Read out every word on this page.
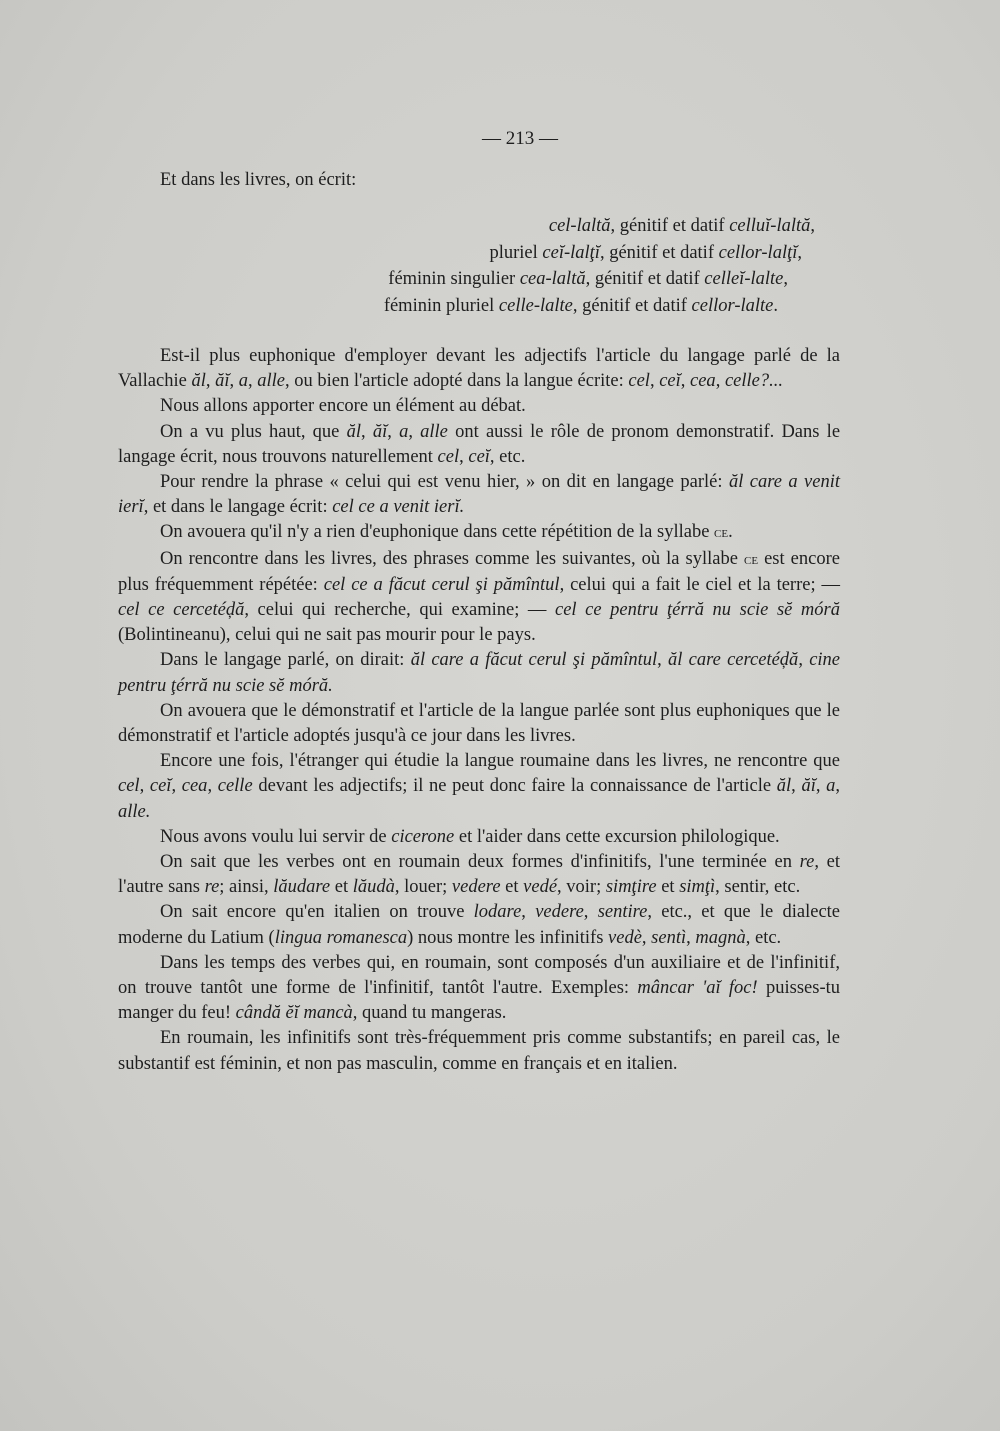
— 213 —
Et dans les livres, on écrit:
cel-laltă, génitif et datif celluĭ-laltă,
pluriel ceĭ-lalţĭ, génitif et datif cellor-lalţĭ,
féminin singulier cea-laltă, génitif et datif celleĭ-lalte,
féminin pluriel celle-lalte, génitif et datif cellor-lalte.

Est-il plus euphonique d'employer devant les adjectifs l'article du langage parlé de la Vallachie ăl, ăĭ, a, alle, ou bien l'article adopté dans la langue écrite: cel, ceĭ, cea, celle?...

Nous allons apporter encore un élément au débat.

On a vu plus haut, que ăl, ăĭ, a, alle ont aussi le rôle de pronom demonstratif. Dans le langage écrit, nous trouvons naturellement cel, ceĭ, etc.

Pour rendre la phrase « celui qui est venu hier, » on dit en langage parlé: ăl care a venit ierĭ, et dans le langage écrit: cel ce a venit ierĭ.

On avouera qu'il n'y a rien d'euphonique dans cette répétition de la syllabe ce.

On rencontre dans les livres, des phrases comme les suivantes, où la syllabe ce est encore plus fréquemment répétée: cel ce a făcut cerul şi pămîntul, celui qui a fait le ciel et la terre; — cel ce cercetéḑă, celui qui recherche, qui examine; — cel ce pentru ţérră nu scie sĕ móră (Bolintineanu), celui qui ne sait pas mourir pour le pays.

Dans le langage parlé, on dirait: ăl care a făcut cerul şi pămîntul, ăl care cercetéḑă, cine pentru ţérră nu scie sĕ móră.

On avouera que le démonstratif et l'article de la langue parlée sont plus euphoniques que le démonstratif et l'article adoptés jusqu'à ce jour dans les livres.

Encore une fois, l'étranger qui étudie la langue roumaine dans les livres, ne rencontre que cel, ceĭ, cea, celle devant les adjectifs; il ne peut donc faire la connaissance de l'article ăl, ăĭ, a, alle.

Nous avons voulu lui servir de cicerone et l'aider dans cette excursion philologique.

On sait que les verbes ont en roumain deux formes d'infinitifs, l'une terminée en re, et l'autre sans re; ainsi, lăudare et lăudà, louer; vedere et vedé, voir; simţire et simţì, sentir, etc.

On sait encore qu'en italien on trouve lodare, vedere, sentire, etc., et que le dialecte moderne du Latium (lingua romanesca) nous montre les infinitifs vedè, sentì, magnà, etc.

Dans les temps des verbes qui, en roumain, sont composés d'un auxiliaire et de l'infinitif, on trouve tantôt une forme de l'infinitif, tantôt l'autre. Exemples: mâncar 'aĭ foc! puisses-tu manger du feu! cândă ĕĭ mancà, quand tu mangeras.

En roumain, les infinitifs sont très-fréquemment pris comme substantifs; en pareil cas, le substantif est féminin, et non pas masculin, comme en français et en italien.
